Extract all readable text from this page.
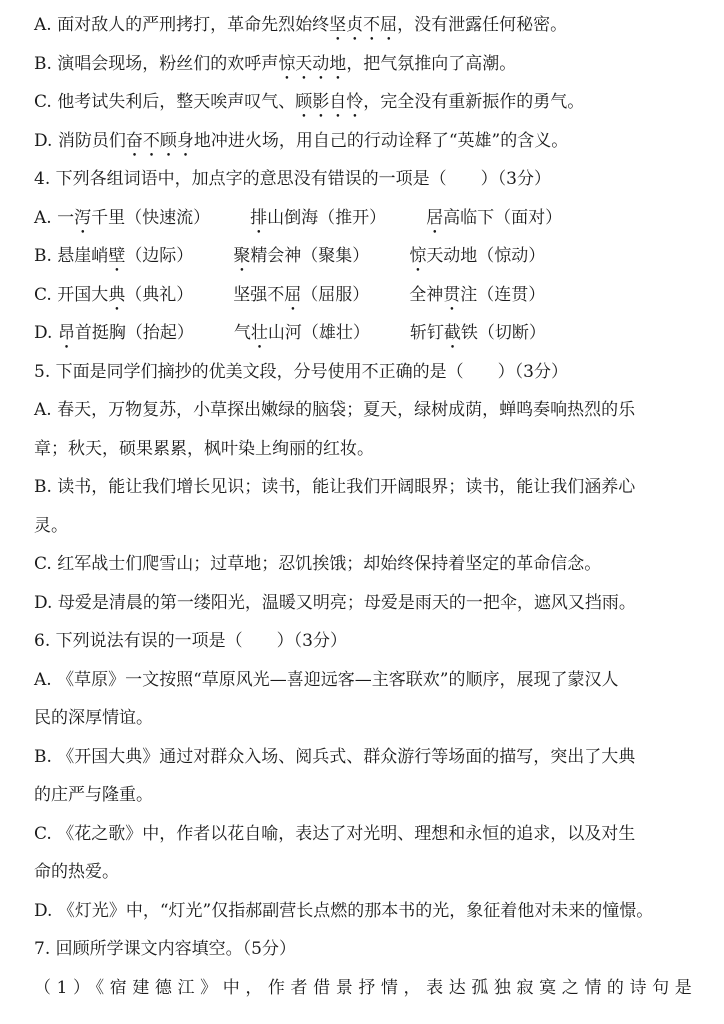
A. 面对敌人的严刑拷打，革命先烈始终坚贞不屈，没有泄露任何秘密。
B. 演唱会现场，粉丝们的欢呼声惊天动地，把气氛推向了高潮。
C. 他考试失利后，整天唉声叹气、顾影自怜，完全没有重新振作的勇气。
D. 消防员们奋不顾身地冲进火场，用自己的行动诠释了“英雄”的含义。
4. 下列各组词语中，加点字的意思没有错误的一项是（　　）（3分）
A. 一泻千里（快速流） 排山倒海（推开） 居高临下（面对）
B. 悬崖峭壁（边际） 聚精会神（聚集） 惊天动地（惊动）
C. 开国大典（典礼） 坚强不屈（屈服） 全神贯注（连贯）
D. 昂首挺胸（抬起） 气壮山河（雄壮） 斩钉截铁（切断）
5. 下面是同学们摘抄的优美文段，分号使用不正确的是（　　）（3分）
A. 春天，万物复苏，小草探出嫩绿的脑袋；夏天，绿树成荫，蝉鸣奏响热烈的乐
章；秋天，硕果累累，枫叶染上绚丽的红妆。
B. 读书，能让我们增长见识；读书，能让我们开阔眼界；读书，能让我们涵养心
灵。
C. 红军战士们爬雪山；过草地；忍饥挨饿；却始终保持着坚定的革命信念。
D. 母爱是清晨的第一缕阳光，温暖又明亮；母爱是雨天的一把伞，遮风又挡雨。
6. 下列说法有误的一项是（　　）（3分）
A. 《草原》一文按照“草原风光—喜迎远客—主客联欢”的顺序，展现了蒙汉人
民的深厚情谊。
B. 《开国大典》通过对群众入场、阅兵式、群众游行等场面的描写，突出了大典
的庄严与隆重。
C. 《花之歌》中，作者以花自喻，表达了对光明、理想和永恒的追求，以及对生
命的热爱。
D. 《灯光》中，“灯光”仅指郝副营长点燃的那本书的光，象征着他对未来的憧憬。
7. 回顾所学课文内容填空。（5分）
（1）《宿建德江》中，作者借景抒情，表达孤独寂寞之情的诗句是
